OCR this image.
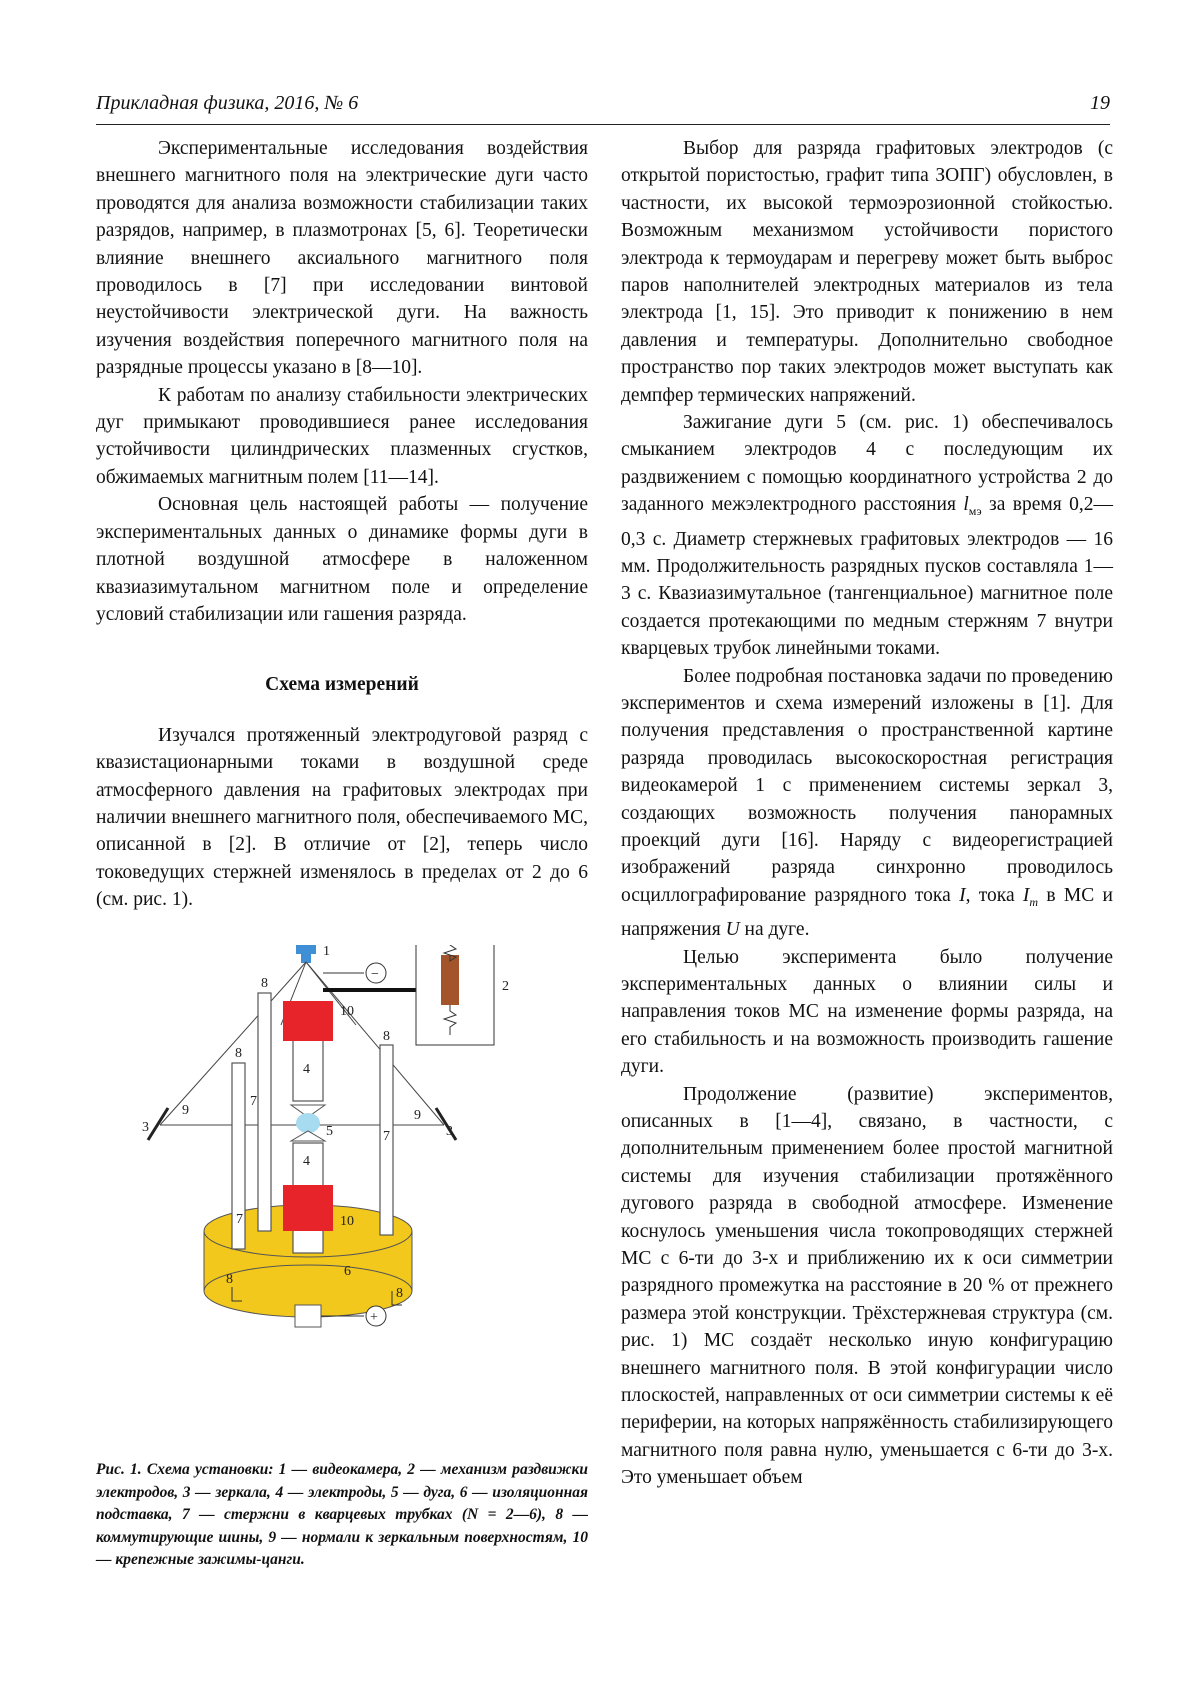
Прикладная физика, 2016, № 6	19

Экспериментальные исследования воздействия внешнего магнитного поля на электрические дуги часто проводятся для анализа возможности стабилизации таких разрядов, например, в плазмотронах [5, 6]. Теоретически влияние внешнего аксиального магнитного поля проводилось в [7] при исследовании винтовой неустойчивости электрической дуги. На важность изучения воздействия поперечного магнитного поля на разрядные процессы указано в [8—10].

К работам по анализу стабильности электрических дуг примыкают проводившиеся ранее исследования устойчивости цилиндрических плазменных сгустков, обжимаемых магнитным полем [11—14].

Основная цель настоящей работы — получение экспериментальных данных о динамике формы дуги в плотной воздушной атмосфере в наложенном квазиазимутальном магнитном поле и определение условий стабилизации или гашения разряда.

Схема измерений

Изучался протяженный электродуговой разряд с квазистационарными токами в воздушной среде атмосферного давления на графитовых электродах при наличии внешнего магнитного поля, обеспечиваемого МС, описанной в [2]. В отличие от [2], теперь число токоведущих стержней изменялось в пределах от 2 до 6 (см. рис. 1).

1
3	3
9	9
6
8
8
8
8
8
7
7
7
4
10
5
4
10
+
−
2
Рис. 1. Схема установки: 1 — видеокамера, 2 — механизм раздвижки электродов, 3 — зеркала, 4 — электроды, 5 — дуга, 6 — изоляционная подставка, 7 — стержни в кварцевых трубках (N = 2—6), 8 — коммутирующие шины, 9 — нормали к зеркальным поверхностям, 10 — крепежные зажимы-цанги.

Выбор для разряда графитовых электродов (с открытой пористостью, графит типа ЗОПГ) обусловлен, в частности, их высокой термоэрозионной стойкостью. Возможным механизмом устойчивости пористого электрода к термоударам и перегреву может быть выброс паров наполнителей электродных материалов из тела электрода [1, 15]. Это приводит к понижению в нем давления и температуры. Дополнительно свободное пространство пор таких электродов может выступать как демпфер термических напряжений.

Зажигание дуги 5 (см. рис. 1) обеспечивалось смыканием электродов 4 с последующим их раздвижением с помощью координатного устройства 2 до заданного межэлектродного расстояния $l_{мэ}$ за время 0,2—0,3 с. Диаметр стержневых графитовых электродов — 16 мм. Продолжительность разрядных пусков составляла 1—3 с. Квазиазимутальное (тангенциальное) магнитное поле создается протекающими по медным стержням 7 внутри кварцевых трубок линейными токами.

Более подробная постановка задачи по проведению экспериментов и схема измерений изложены в [1]. Для получения представления о пространственной картине разряда проводилась высокоскоростная регистрация видеокамерой 1 с применением системы зеркал 3, создающих возможность получения панорамных проекций дуги [16]. Наряду с видеорегистрацией изображений разряда синхронно проводилось осциллографирование разрядного тока I, тока $I_m$ в МС и напряжения U на дуге.

Целью эксперимента было получение экспериментальных данных о влиянии силы и направления токов МС на изменение формы разряда, на его стабильность и на возможность производить гашение дуги.

Продолжение (развитие) экспериментов, описанных в [1—4], связано, в частности, с дополнительным применением более простой магнитной системы для изучения стабилизации протяжённого дугового разряда в свободной атмосфере. Изменение коснулось уменьшения числа токопроводящих стержней МС с 6-ти до 3-х и приближению их к оси симметрии разрядного промежутка на расстояние в 20 % от прежнего размера этой конструкции. Трёхстержневая структура (см. рис. 1) МС создаёт несколько иную конфигурацию внешнего магнитного поля. В этой конфигурации число плоскостей, направленных от оси симметрии системы к её периферии, на которых напряжённость стабилизирующего магнитного поля равна нулю, уменьшается с 6-ти до 3-х. Это уменьшает объем
